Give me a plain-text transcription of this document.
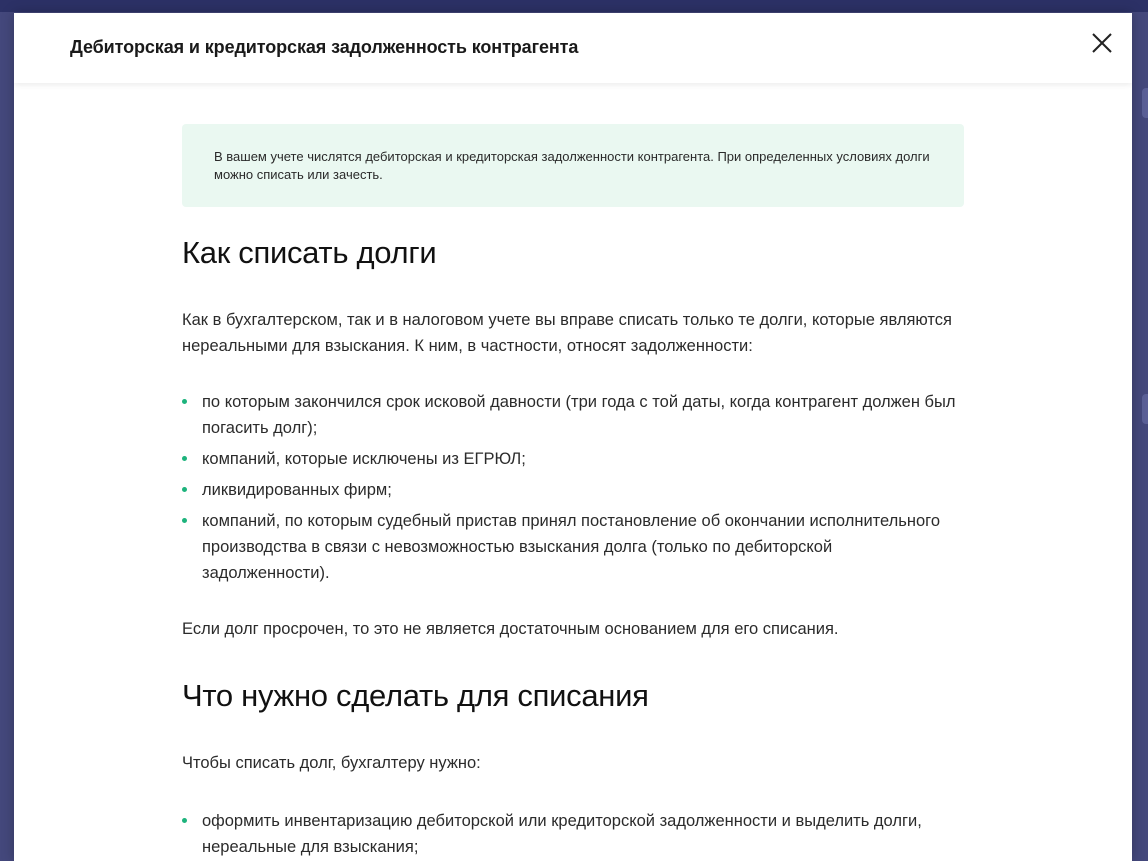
Дебиторская и кредиторская задолженность контрагента
В вашем учете числятся дебиторская и кредиторская задолженности контрагента. При определенных условиях долги можно списать или зачесть.
Как списать долги

Как в бухгалтерском, так и в налоговом учете вы вправе списать только те долги, которые являются нереальными для взыскания. К ним, в частности, относят задолженности:

по которым закончился срок исковой давности (три года с той даты, когда контрагент должен был погасить долг);
компаний, которые исключены из ЕГРЮЛ;
ликвидированных фирм;
компаний, по которым судебный пристав принял постановление об окончании исполнительного производства в связи с невозможностью взыскания долга (только по дебиторской задолженности).

Если долг просрочен, то это не является достаточным основанием для его списания.

Что нужно сделать для списания

Чтобы списать долг, бухгалтеру нужно:

оформить инвентаризацию дебиторской или кредиторской задолженности и выделить долги, нереальные для взыскания;
